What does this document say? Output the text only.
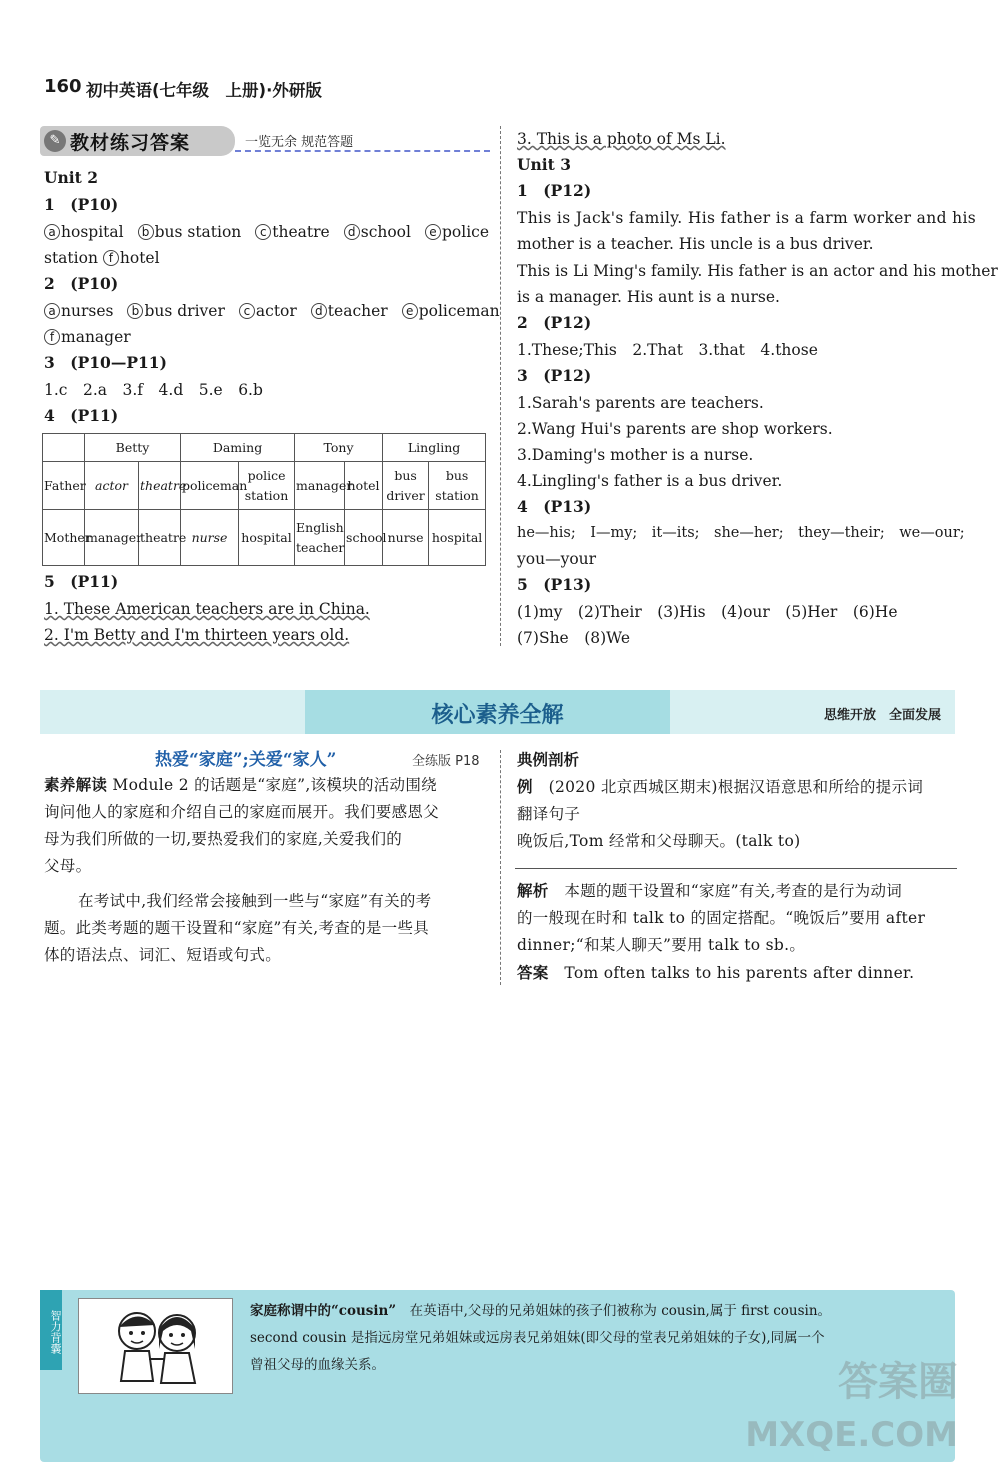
160 初中英语(七年级　上册)·外研版
✎ 教材练习答案	一览无余 规范答题
Unit 2
1　(P10)
a hospital b bus station c theatre d school e police
station f hotel
2　(P10)
a nurses b bus driver c actor d teacher e policeman
f manager
3　(P10—P11)
1.c　2.a　3.f　4.d　5.e　6.b
4　(P11)
	Betty		Daming		Tony		Lingling	
Father	actor	theatre	policeman	police station	manager	hotel	bus driver	bus station
Mother	manager	theatre	nurse	hospital	English teacher	school	nurse	hospital
5　(P11)
1. These American teachers are in China.
2. I'm Betty and I'm thirteen years old.
3. This is a photo of Ms Li.
Unit 3
1　(P12)
This is Jack's family. His father is a farm worker and his
mother is a teacher. His uncle is a bus driver.
This is Li Ming's family. His father is an actor and his mother
is a manager. His aunt is a nurse.
2　(P12)
1.These;This　2.That　3.that　4.those
3　(P12)
1.Sarah's parents are teachers.
2.Wang Hui's parents are shop workers.
3.Daming's mother is a nurse.
4.Lingling's father is a bus driver.
4　(P13)
he—his;　I—my;　it—its;　she—her;　they—their;　we—our;
you—your
5　(P13)
(1)my　(2)Their　(3)His　(4)our　(5)Her　(6)He
(7)She　(8)We
核心素养全解	思维开放　全面发展
热爱“家庭”;关爱“家人”	全练版 P18
素养解读 Module 2 的话题是“家庭”,该模块的活动围绕
询问他人的家庭和介绍自己的家庭而展开。我们要感恩父
母为我们所做的一切,要热爱我们的家庭,关爱我们的
父母。
在考试中,我们经常会接触到一些与“家庭”有关的考
题。此类考题的题干设置和“家庭”有关,考查的是一些具
体的语法点、词汇、短语或句式。
典例剖析
例　(2020 北京西城区期末)根据汉语意思和所给的提示词
翻译句子
晚饭后,Tom 经常和父母聊天。(talk to)
解析　本题的题干设置和“家庭”有关,考查的是行为动词
的一般现在时和 talk to 的固定搭配。“晚饭后”要用 after
dinner;“和某人聊天”要用 talk to sb.。
答案　Tom often talks to his parents after dinner.
智力背囊	家庭称谓中的“cousin”　在英语中,父母的兄弟姐妹的孩子们被称为 cousin,属于 first cousin。
second cousin 是指远房堂兄弟姐妹或远房表兄弟姐妹(即父母的堂表兄弟姐妹的子女),同属一个
曾祖父母的血缘关系。	答案圈
MXQE.COM
